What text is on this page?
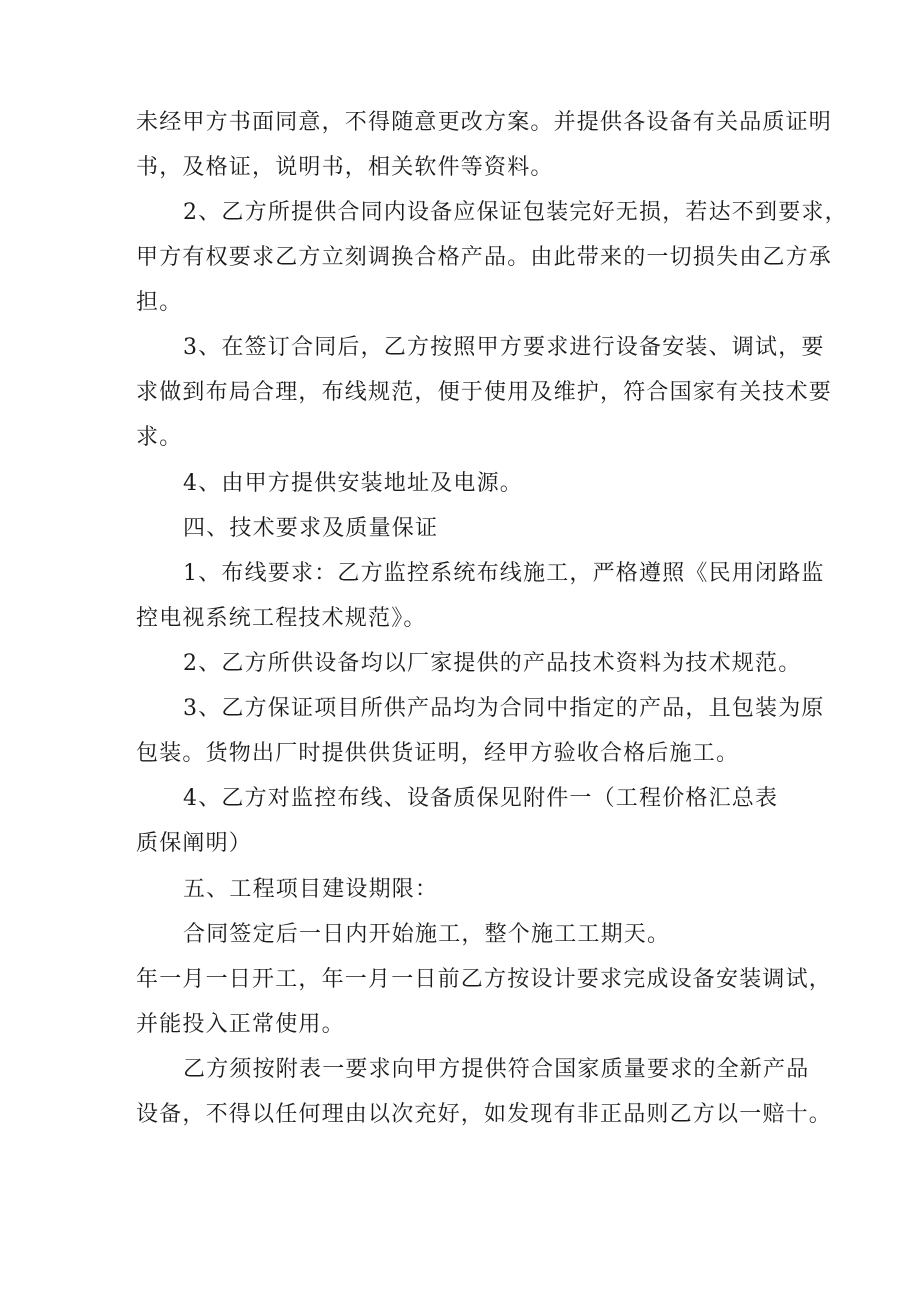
未经甲方书面同意，不得随意更改方案。并提供各设备有关品质证明
书，及格证，说明书，相关软件等资料。
2、乙方所提供合同内设备应保证包装完好无损，若达不到要求，
甲方有权要求乙方立刻调换合格产品。由此带来的一切损失由乙方承
担。
3、在签订合同后，乙方按照甲方要求进行设备安装、调试，要
求做到布局合理，布线规范，便于使用及维护，符合国家有关技术要
求。
4、由甲方提供安装地址及电源。
四、技术要求及质量保证
1、布线要求：乙方监控系统布线施工，严格遵照《民用闭路监
控电视系统工程技术规范》。
2、乙方所供设备均以厂家提供的产品技术资料为技术规范。
3、乙方保证项目所供产品均为合同中指定的产品，且包装为原
包装。货物出厂时提供供货证明，经甲方验收合格后施工。
4、乙方对监控布线、设备质保见附件一（工程价格汇总表
质保阐明）
五、工程项目建设期限：
合同签定后一日内开始施工，整个施工工期天。
年一月一日开工，年一月一日前乙方按设计要求完成设备安装调试，
并能投入正常使用。
乙方须按附表一要求向甲方提供符合国家质量要求的全新产品
设备，不得以任何理由以次充好，如发现有非正品则乙方以一赔十。
